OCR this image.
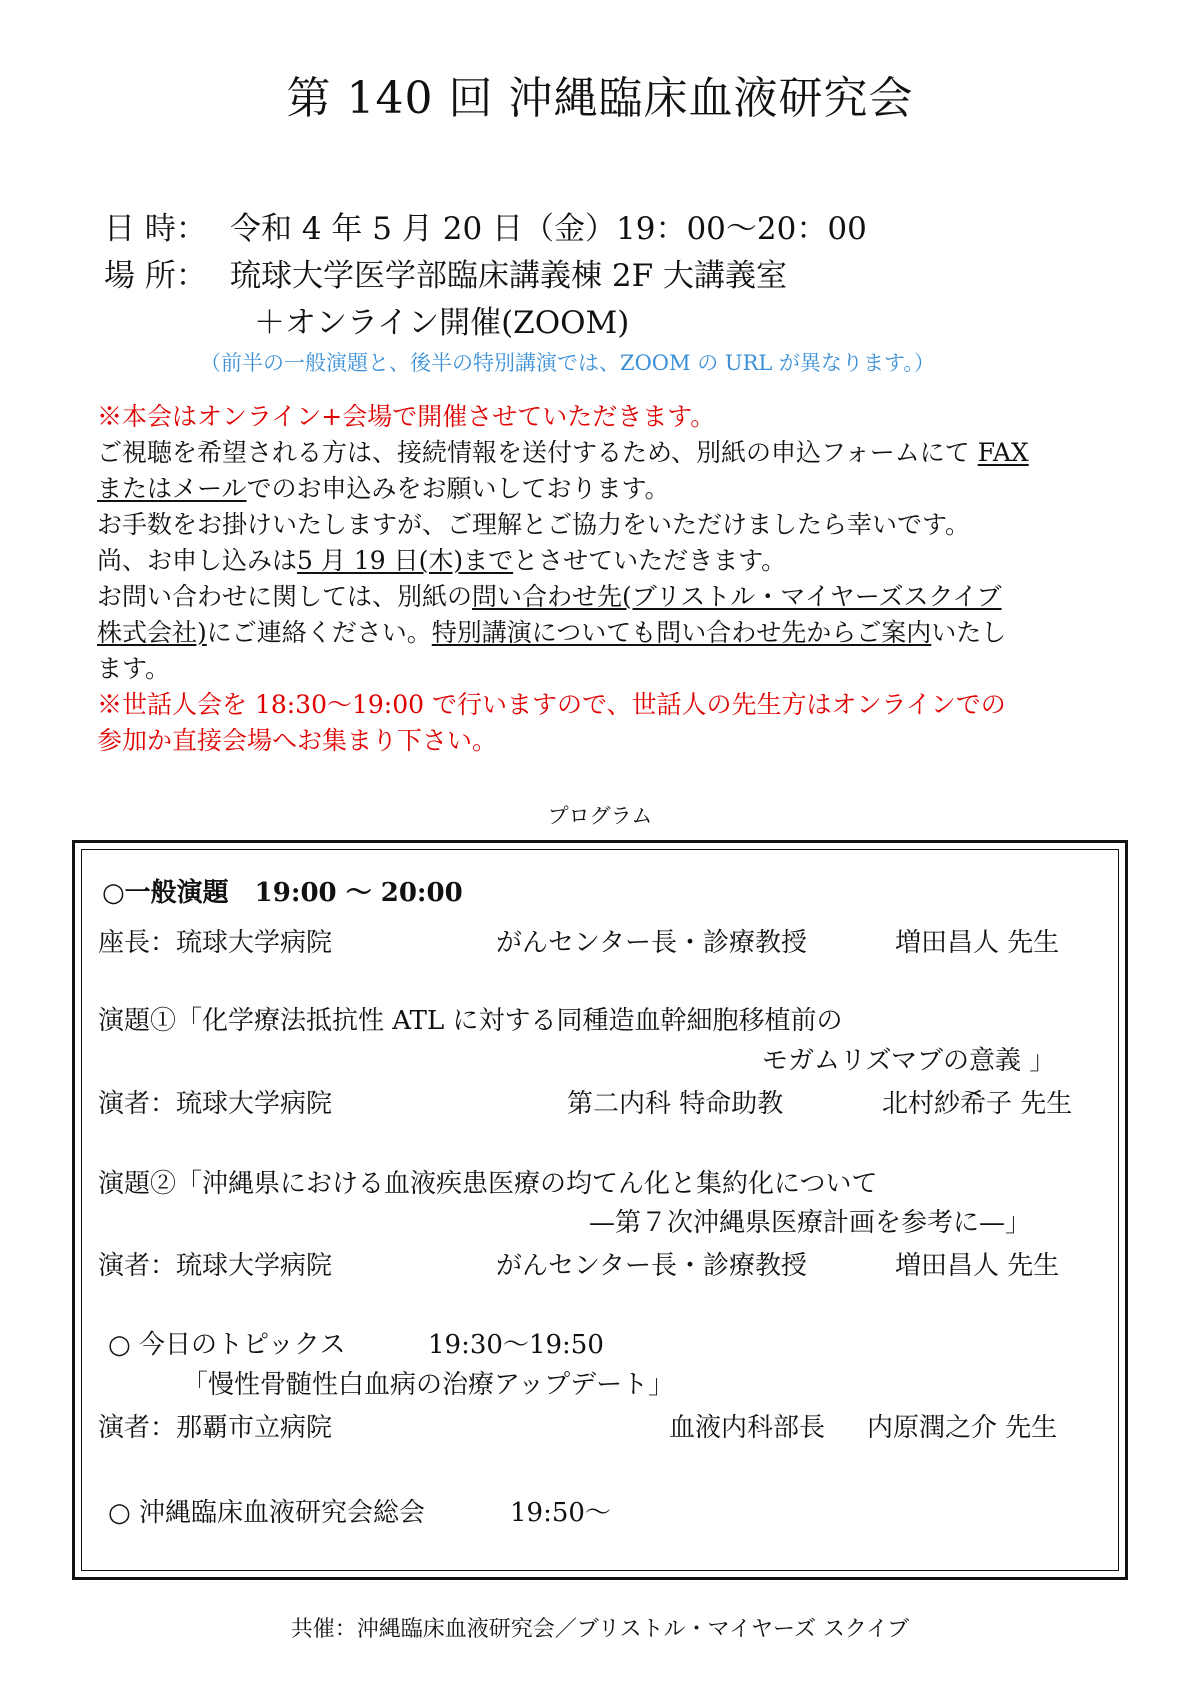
第 140 回 沖縄臨床血液研究会
日 時： 令和 4 年 5 月 20 日（金）19：00〜20：00
場 所： 琉球大学医学部臨床講義棟 2F 大講義室
＋オンライン開催(ZOOM)
（前半の一般演題と、後半の特別講演では、ZOOM の URL が異なります。）
※本会はオンライン+会場で開催させていただきます。
ご視聴を希望される方は、接続情報を送付するため、別紙の申込フォームにて FAX
またはメールでのお申込みをお願いしております。
お手数をお掛けいたしますが、ご理解とご協力をいただけましたら幸いです。
尚、お申し込みは5 月 19 日(木)までとさせていただきます。
お問い合わせに関しては、別紙の問い合わせ先(ブリストル・マイヤーズスクイブ
株式会社)にご連絡ください。特別講演についても問い合わせ先からご案内いたし
ます。
※世話人会を 18:30〜19:00 で行いますので、世話人の先生方はオンラインでの
参加か直接会場へお集まり下さい。
プログラム
○一般演題　19:00 〜 20:00
座長：琉球大学病院	がんセンター長・診療教授	増田昌人 先生
演題①「化学療法抵抗性 ATL に対する同種造血幹細胞移植前の
モガムリズマブの意義 」
演者：琉球大学病院	第二内科 特命助教	北村紗希子 先生
演題②「沖縄県における血液疾患医療の均てん化と集約化について
—第７次沖縄県医療計画を参考に—」
演者：琉球大学病院	がんセンター長・診療教授	増田昌人 先生
○ 今日のトピックス	19:30〜19:50
「慢性骨髄性白血病の治療アップデート」
演者：那覇市立病院	血液内科部長 内原潤之介 先生
○ 沖縄臨床血液研究会総会	19:50〜
共催：沖縄臨床血液研究会／ブリストル・マイヤーズ スクイブ
